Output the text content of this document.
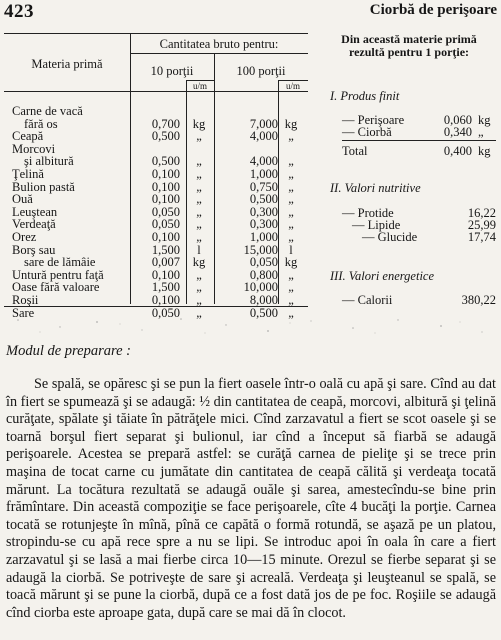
423	Ciorbă de perişoare
Materia primă
Cantitatea bruto pentru:
10 porţii	100 porţii
u/m	u/m
Carne de vacă
fără os	0,700	kg	7,000 kg
Ceapă	0,500	„	4,000 „
Morcovi
şi albitură	0,500	„	4,000 „
Ţelină	0,100	„	1,000 „
Bulion pastă	0,100	„	0,750 „
Ouă	0,100	„	0,500 „
Leuştean	0,050	„	0,300 „
Verdeaţă	0,050	„	0,300 „
Orez	0,100	„	1,000 „
Borş sau	1,500	l	15,000 l
sare de lămâie	0,007	kg	0,050 kg
Untură pentru faţă	0,100	„	0,800 „
Oase fără valoare	1,500	„	10,000 „
Roşii	0,100	„	8,000 „
Sare	0,050	„	0,500 „
Din această materie primă
rezultă pentru 1 porţie:
I. Produs finit
— Perişoare	0,060 kg
— Ciorbă	0,340 „
Total	0,400 kg
II. Valori nutritive
— Protide	16,22
— Lipide	25,99
— Glucide	17,74
III. Valori energetice
— Calorii	380,22
Modul de preparare :

Se spală, se opăresc şi se pun la fiert oasele într-o oală cu apă şi sare. Cînd au dat în fiert se spumează şi se adaugă: ½ din cantitatea de ceapă, morcovi, albitură şi ţelină curăţate, spălate şi tăiate în pătrăţele mici. Cînd zarzavatul a fiert se scot oasele şi se toarnă borşul fiert separat şi bulionul, iar cînd a început să fiarbă se adaugă perişoarele. Acestea se prepară astfel: se curăţă carnea de pieliţe şi se trece prin maşina de tocat carne cu jumătate din cantitatea de ceapă călită şi verdeaţa tocată mărunt. La tocătura rezultată se adaugă ouăle şi sarea, amestecîndu-se bine prin frămîntare. Din această compoziţie se face perişoarele, cîte 4 bucăţi la porţie. Carnea tocată se rotunjeşte în mînă, pînă ce capătă o formă rotundă, se aşază pe un platou, stropindu-se cu apă rece spre a nu se lipi. Se introduc apoi în oala în care a fiert zarzavatul şi se lasă a mai fierbe circa 10—15 minute. Orezul se fierbe separat şi se adaugă la ciorbă. Se potriveşte de sare şi acreală. Verdeaţa şi leuşteanul se spală, se toacă mărunt şi se pune la ciorbă, după ce a fost dată jos de pe foc. Roşiile se adaugă cînd ciorba este aproape gata, după care se mai dă în clocot.
